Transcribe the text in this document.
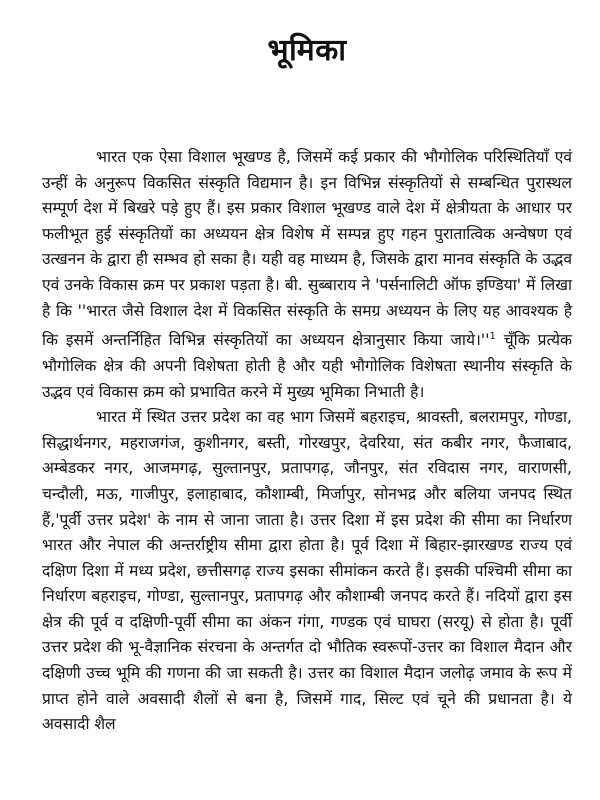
भूमिका

भारत एक ऐसा विशाल भूखण्ड है, जिसमें कई प्रकार की भौगोलिक परिस्थितियाँ एवं उन्हीं के अनुरूप विकसित संस्कृति विद्यमान है। इन विभिन्न संस्कृतियों से सम्बन्धित पुरास्थल सम्पूर्ण देश में बिखरे पड़े हुए हैं। इस प्रकार विशाल भूखण्ड वाले देश में क्षेत्रीयता के आधार पर फलीभूत हुई संस्कृतियों का अध्ययन क्षेत्र विशेष में सम्पन्न हुए गहन पुरातात्विक अन्वेषण एवं उत्खनन के द्वारा ही सम्भव हो सका है। यही वह माध्यम है, जिसके द्वारा मानव संस्कृति के उद्भव एवं उनके विकास क्रम पर प्रकाश पड़ता है। बी. सुब्बाराय ने 'पर्सनालिटी ऑफ इण्डिया' में लिखा है कि ''भारत जैसे विशाल देश में विकसित संस्कृति के समग्र अध्ययन के लिए यह आवश्यक है कि इसमें अन्तर्निहित विभिन्न संस्कृतियों का अध्ययन क्षेत्रानुसार किया जाये।''$^1$ चूँकि प्रत्येक भौगोलिक क्षेत्र की अपनी विशेषता होती है और यही भौगोलिक विशेषता स्थानीय संस्कृति के उद्भव एवं विकास क्रम को प्रभावित करने में मुख्य भूमिका निभाती है।

भारत में स्थित उत्तर प्रदेश का वह भाग जिसमें बहराइच, श्रावस्ती, बलरामपुर, गोण्डा, सिद्धार्थनगर, महराजगंज, कुशीनगर, बस्ती, गोरखपुर, देवरिया, संत कबीर नगर, फैजाबाद, अम्बेडकर नगर, आजमगढ़, सुल्तानपुर, प्रतापगढ़, जौनपुर, संत रविदास नगर, वाराणसी, चन्दौली, मऊ, गाजीपुर, इलाहाबाद, कौशाम्बी, मिर्जापुर, सोनभद्र और बलिया जनपद स्थित हैं,'पूर्वी उत्तर प्रदेश' के नाम से जाना जाता है। उत्तर दिशा में इस प्रदेश की सीमा का निर्धारण भारत और नेपाल की अन्तर्राष्ट्रीय सीमा द्वारा होता है। पूर्व दिशा में बिहार-झारखण्ड राज्य एवं दक्षिण दिशा में मध्य प्रदेश, छत्तीसगढ़ राज्य इसका सीमांकन करते हैं। इसकी पश्चिमी सीमा का निर्धारण बहराइच, गोण्डा, सुल्तानपुर, प्रतापगढ़ और कौशाम्बी जनपद करते हैं। नदियों द्वारा इस क्षेत्र की पूर्व व दक्षिणी-पूर्वी सीमा का अंकन गंगा, गण्डक एवं घाघरा (सरयू) से होता है। पूर्वी उत्तर प्रदेश की भू-वैज्ञानिक संरचना के अन्तर्गत दो भौतिक स्वरूपों-उत्तर का विशाल मैदान और दक्षिणी उच्च भूमि की गणना की जा सकती है। उत्तर का विशाल मैदान जलोढ़ जमाव के रूप में प्राप्त होने वाले अवसादी शैलों से बना है, जिसमें गाद, सिल्ट एवं चूने की प्रधानता है। ये अवसादी शैल
